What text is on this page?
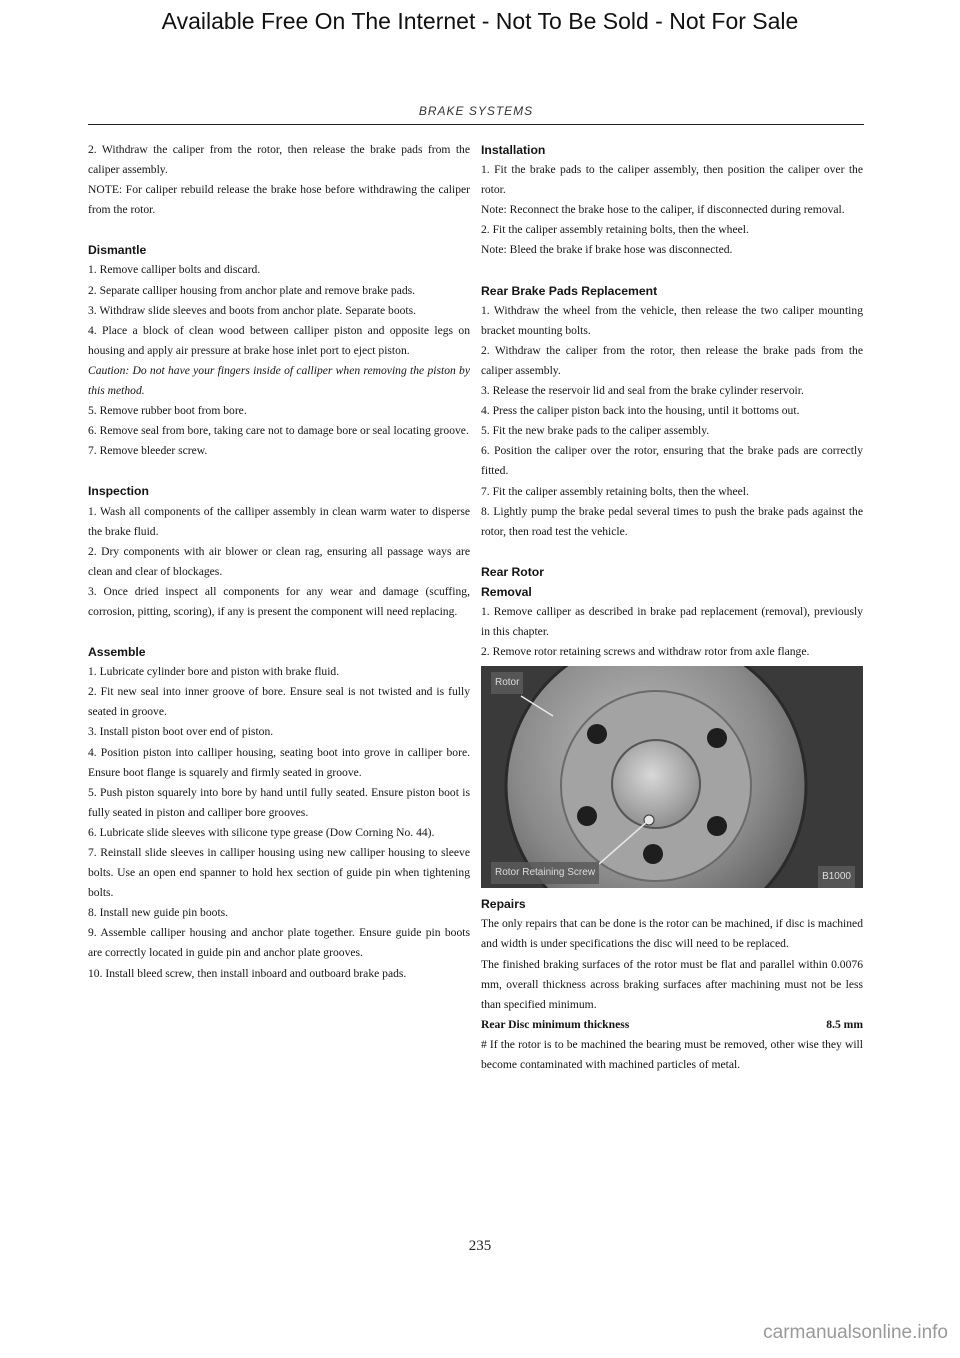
Available Free On The Internet - Not To Be Sold - Not For Sale
BRAKE SYSTEMS

2. Withdraw the caliper from the rotor, then release the brake pads from the caliper assembly.

NOTE: For caliper rebuild release the brake hose before withdrawing the caliper from the rotor.

Dismantle

1. Remove calliper bolts and discard.

2. Separate calliper housing from anchor plate and remove brake pads.

3. Withdraw slide sleeves and boots from anchor plate. Separate boots.

4. Place a block of clean wood between calliper piston and opposite legs on housing and apply air pressure at brake hose inlet port to eject piston.

Caution: Do not have your fingers inside of calliper when removing the piston by this method.

5. Remove rubber boot from bore.

6. Remove seal from bore, taking care not to damage bore or seal locating groove.

7. Remove bleeder screw.

Inspection

1. Wash all components of the calliper assembly in clean warm water to disperse the brake fluid.

2. Dry components with air blower or clean rag, ensuring all passage ways are clean and clear of blockages.

3. Once dried inspect all components for any wear and damage (scuffing, corrosion, pitting, scoring), if any is present the component will need replacing.

Assemble

1. Lubricate cylinder bore and piston with brake fluid.

2. Fit new seal into inner groove of bore. Ensure seal is not twisted and is fully seated in groove.

3. Install piston boot over end of piston.

4. Position piston into calliper housing, seating boot into grove in calliper bore. Ensure boot flange is squarely and firmly seated in groove.

5. Push piston squarely into bore by hand until fully seated. Ensure piston boot is fully seated in piston and calliper bore grooves.

6. Lubricate slide sleeves with silicone type grease (Dow Corning No. 44).

7. Reinstall slide sleeves in calliper housing using new calliper housing to sleeve bolts. Use an open end spanner to hold hex section of guide pin when tightening bolts.

8. Install new guide pin boots.

9. Assemble calliper housing and anchor plate together. Ensure guide pin boots are correctly located in guide pin and anchor plate grooves.

10. Install bleed screw, then install inboard and outboard brake pads.

Installation

1. Fit the brake pads to the caliper assembly, then position the caliper over the rotor.

Note: Reconnect the brake hose to the caliper, if disconnected during removal.

2. Fit the caliper assembly retaining bolts, then the wheel.

Note: Bleed the brake if brake hose was disconnected.

Rear Brake Pads Replacement

1. Withdraw the wheel from the vehicle, then release the two caliper mounting bracket mounting bolts.

2. Withdraw the caliper from the rotor, then release the brake pads from the caliper assembly.

3. Release the reservoir lid and seal from the brake cylinder reservoir.

4. Press the caliper piston back into the housing, until it bottoms out.

5. Fit the new brake pads to the caliper assembly.

6. Position the caliper over the rotor, ensuring that the brake pads are correctly fitted.

7. Fit the caliper assembly retaining bolts, then the wheel.

8. Lightly pump the brake pedal several times to push the brake pads against the rotor, then road test the vehicle.

Rear Rotor
Removal

1. Remove calliper as described in brake pad replacement (removal), previously in this chapter.

2. Remove rotor retaining screws and withdraw rotor from axle flange.

Rotor
Rotor Retaining Screw	B1000
Repairs

The only repairs that can be done is the rotor can be machined, if disc is machined and width is under specifications the disc will need to be replaced.

The finished braking surfaces of the rotor must be flat and parallel within 0.0076 mm, overall thickness across braking surfaces after machining must not be less than specified minimum.

Rear Disc minimum thickness	8.5 mm

# If the rotor is to be machined the bearing must be removed, other wise they will become contaminated with machined particles of metal.

235
carmanualsonline.info
